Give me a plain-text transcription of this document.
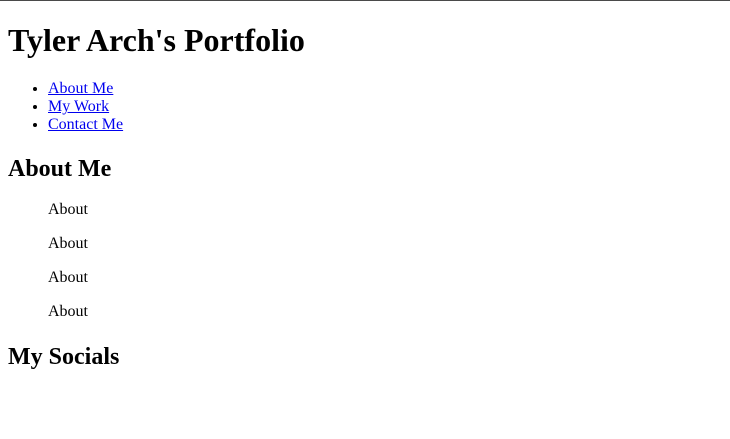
Tyler Arch's Portfolio
• About Me
• My Work
• Contact Me
About Me

About

About

About

About

My Socials
